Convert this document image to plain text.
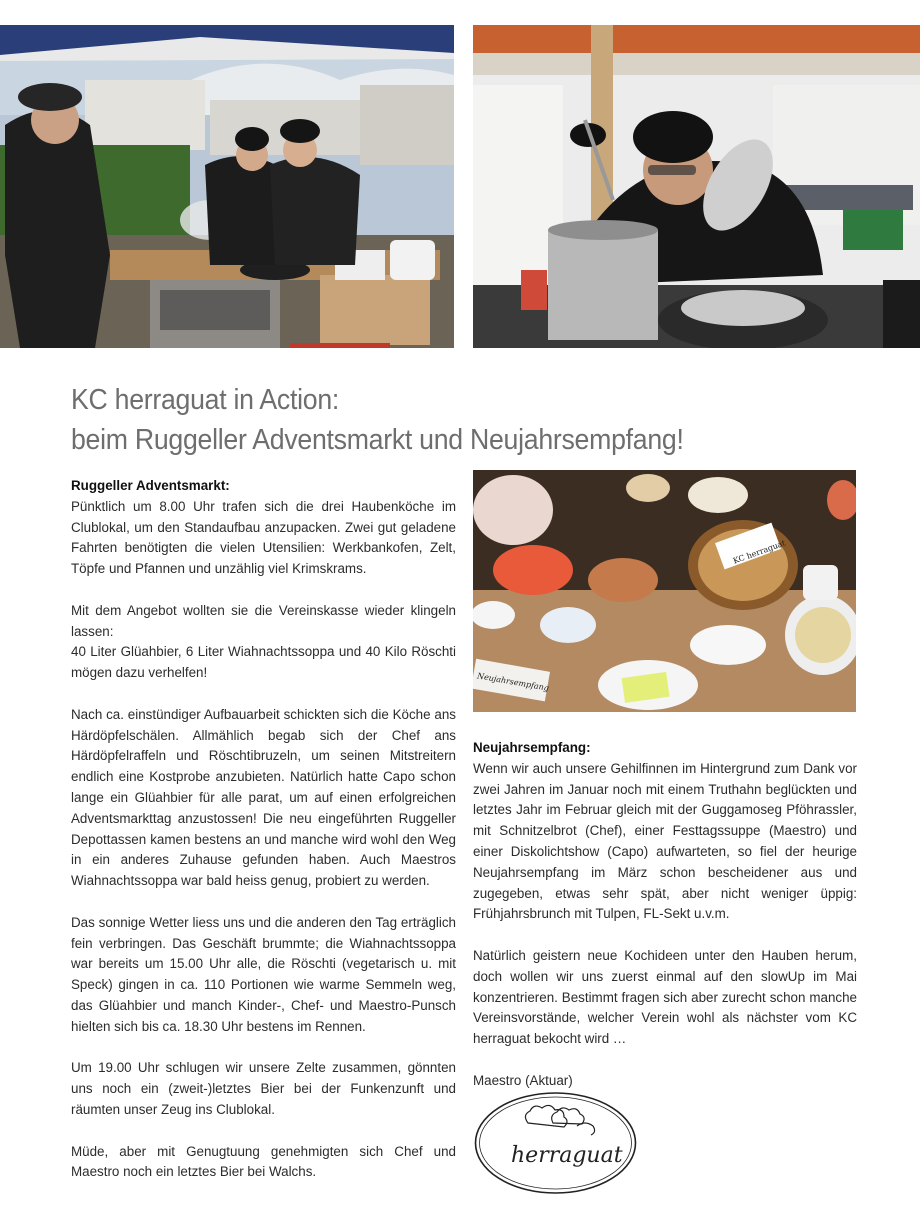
KC herraguat in Action:
beim Ruggeller Adventsmarkt und Neujahrsempfang!
Ruggeller Adventsmarkt:

Pünktlich um 8.00 Uhr trafen sich die drei Haubenköche im Clublokal, um den Standaufbau anzupacken. Zwei gut geladene Fahrten benötigten die vielen Utensilien: Werkbankofen, Zelt, Töpfe und Pfannen und unzählig viel Krimskrams.

Mit dem Angebot wollten sie die Vereinskasse wieder klingeln lassen:

40 Liter Glüahbier, 6 Liter Wiahnachtssoppa und 40 Kilo Röschti mögen dazu verhelfen!

Nach ca. einstündiger Aufbauarbeit schickten sich die Köche ans Härdöpfelschälen. Allmählich begab sich der Chef ans Härdöpfelraffeln und Röschtibruzeln, um seinen Mitstreitern endlich eine Kostprobe anzubieten. Natürlich hatte Capo schon lange ein Glüahbier für alle parat, um auf einen erfolgreichen Adventsmarkttag anzustossen! Die neu eingeführten Ruggeller Depottassen kamen bestens an und manche wird wohl den Weg in ein anderes Zuhause gefunden haben. Auch Maestros Wiahnachtssoppa war bald heiss genug, probiert zu werden.

Das sonnige Wetter liess uns und die anderen den Tag erträglich fein verbringen. Das Geschäft brummte; die Wiahnachtssoppa war bereits um 15.00 Uhr alle, die Röschti (vegetarisch u. mit Speck) gingen in ca. 110 Portionen wie warme Semmeln weg, das Glüahbier und manch Kinder-, Chef- und Maestro-Punsch hielten sich bis ca. 18.30 Uhr bestens im Rennen.

Um 19.00 Uhr schlugen wir unsere Zelte zusammen, gönnten uns noch ein (zweit-)letztes Bier bei der Funkenzunft und räumten unser Zeug ins Clublokal.

Müde, aber mit Genugtuung genehmigten sich Chef und Maestro noch ein letztes Bier bei Walchs.

KC herraguat
Neujahrsempfang
Neujahrsempfang:

Wenn wir auch unsere Gehilfinnen im Hintergrund zum Dank vor zwei Jahren im Januar noch mit einem Truthahn beglückten und letztes Jahr im Februar gleich mit der Guggamoseg Pföhrassler, mit Schnitzelbrot (Chef), einer Festtagssuppe (Maestro) und einer Diskolichtshow (Capo) aufwarteten, so fiel der heurige Neujahrsempfang im März schon bescheidener aus und zugegeben, etwas sehr spät, aber nicht weniger üppig: Frühjahrsbrunch mit Tulpen, FL-Sekt u.v.m.

Natürlich geistern neue Kochideen unter den Hauben herum, doch wollen wir uns zuerst einmal auf den slowUp im Mai konzentrieren. Bestimmt fragen sich aber zurecht schon manche Vereinsvorstände, welcher Verein wohl als nächster vom KC herraguat bekocht wird …

Maestro (Aktuar)

herraguat
